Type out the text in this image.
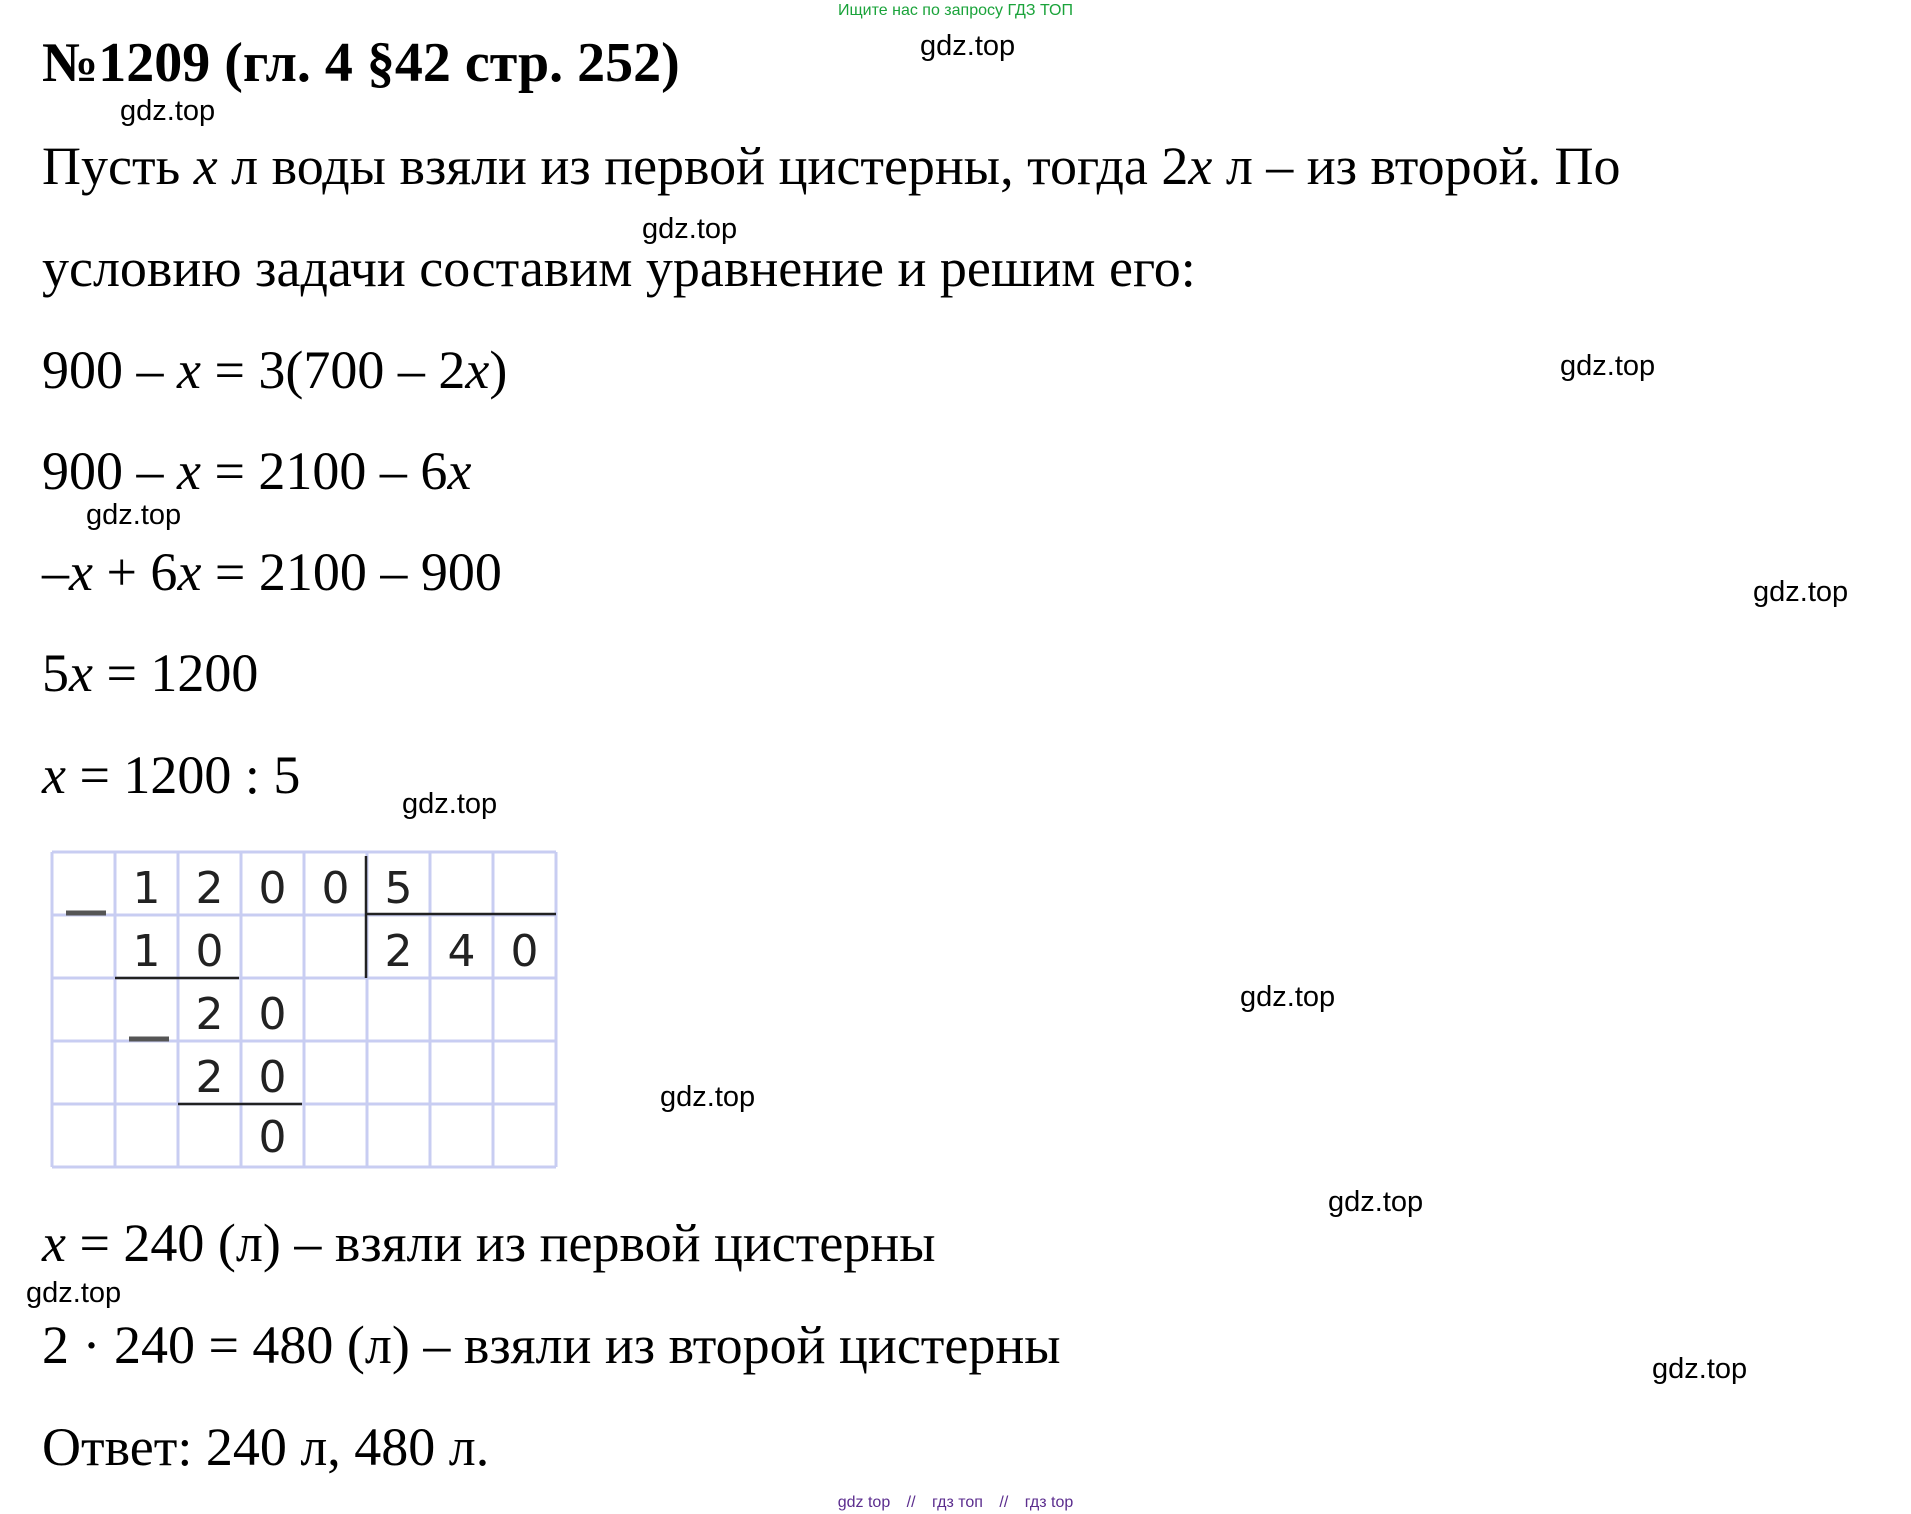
Ищите нас по запросу ГДЗ ТОП
№1209 (гл. 4 §42 стр. 252)
Пусть x л воды взяли из первой цистерны, тогда 2x л – из второй. По
условию задачи составим уравнение и решим его:
900 – x = 3(700 – 2x)
900 – x = 2100 – 6x
–x + 6x = 2100 – 900
5x = 1200
x = 1200 : 5
1 2 0 0 5
1 0	2 4 0
2 0
2 0
0
x = 240 (л) – взяли из первой цистерны
2 · 240 = 480 (л) – взяли из второй цистерны
Ответ: 240 л, 480 л.
gdz.top
gdz.top
gdz.top
gdz.top
gdz.top
gdz.top
gdz.top
gdz.top
gdz.top
gdz.top
gdz.top
gdz.top
gdz top // гдз топ // гдз top
